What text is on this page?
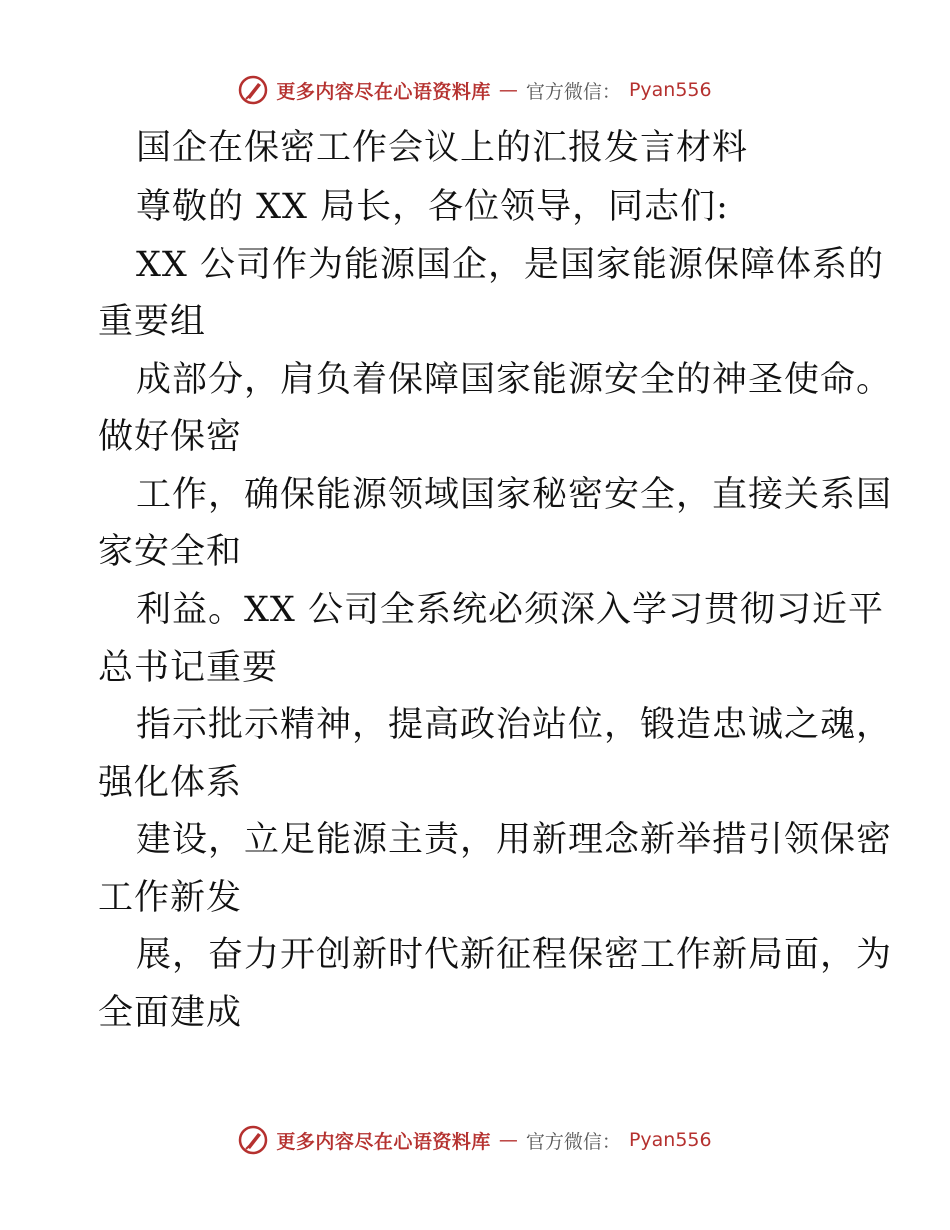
更多内容尽在心语资料库 — 官方微信： Pyan556
国企在保密工作会议上的汇报发言材料
尊敬的 XX 局长，各位领导，同志们:
XX 公司作为能源国企，是国家能源保障体系的
重要组
成部分，肩负着保障国家能源安全的神圣使命。
做好保密
工作，确保能源领域国家秘密安全，直接关系国
家安全和
利益。XX 公司全系统必须深入学习贯彻习近平
总书记重要
指示批示精神，提高政治站位，锻造忠诚之魂，
强化体系
建设，立足能源主责，用新理念新举措引领保密
工作新发
展，奋力开创新时代新征程保密工作新局面，为
全面建成
更多内容尽在心语资料库 — 官方微信： Pyan556
